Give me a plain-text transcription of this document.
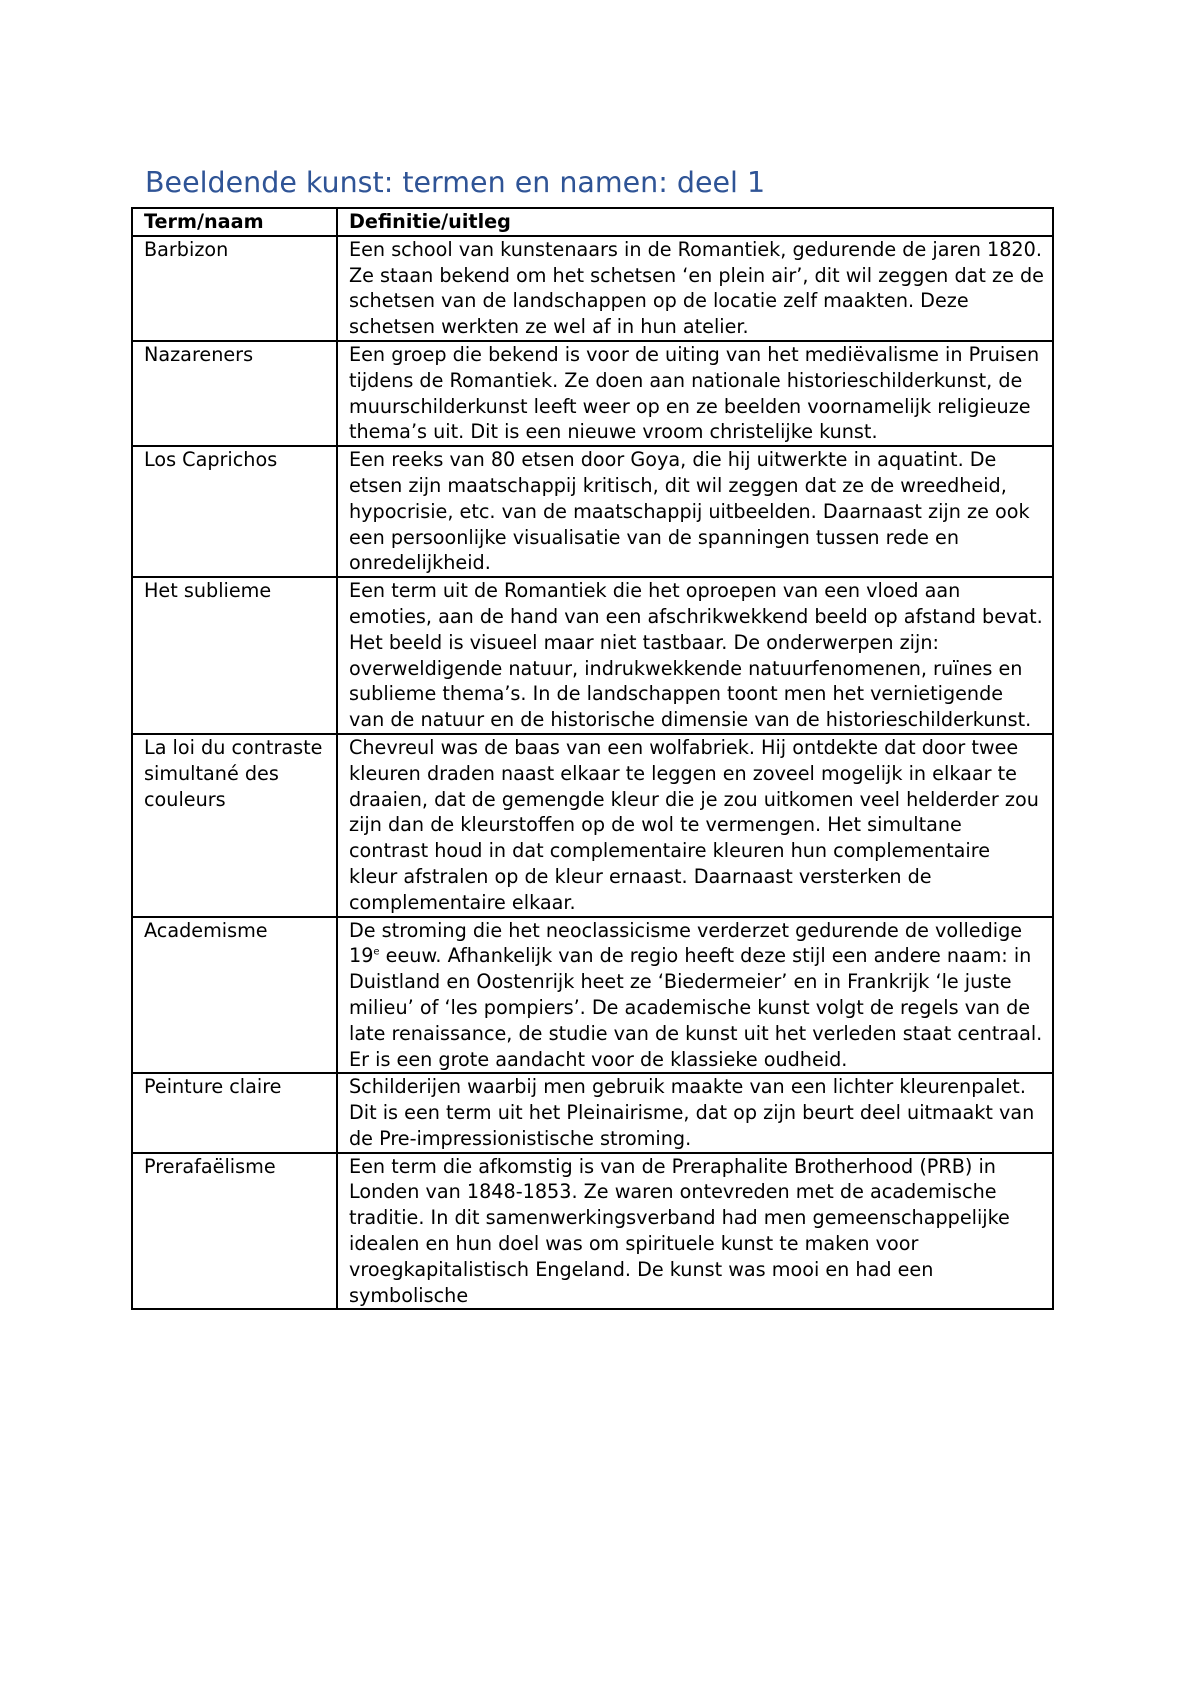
Beeldende kunst: termen en namen: deel 1
Term/naam	Definitie/uitleg
Barbizon	Een school van kunstenaars in de Romantiek, gedurende de jaren 1820. Ze staan bekend om het schetsen ‘en plein air’, dit wil zeggen dat ze de schetsen van de landschappen op de locatie zelf maakten. Deze schetsen werkten ze wel af in hun atelier.
Nazareners	Een groep die bekend is voor de uiting van het mediëvalisme in Pruisen tijdens de Romantiek. Ze doen aan nationale historieschilderkunst, de muurschilderkunst leeft weer op en ze beelden voornamelijk religieuze thema’s uit. Dit is een nieuwe vroom christelijke kunst.
Los Caprichos	Een reeks van 80 etsen door Goya, die hij uitwerkte in aquatint. De etsen zijn maatschappij kritisch, dit wil zeggen dat ze de wreedheid, hypocrisie, etc. van de maatschappij uitbeelden. Daarnaast zijn ze ook een persoonlijke visualisatie van de spanningen tussen rede en onredelijkheid.
Het sublieme	Een term uit de Romantiek die het oproepen van een vloed aan emoties, aan de hand van een afschrikwekkend beeld op afstand bevat. Het beeld is visueel maar niet tastbaar. De onderwerpen zijn: overweldigende natuur, indrukwekkende natuurfenomenen, ruïnes en sublieme thema’s. In de landschappen toont men het vernietigende van de natuur en de historische dimensie van de historieschilderkunst.
La loi du contraste simultané des couleurs	Chevreul was de baas van een wolfabriek. Hij ontdekte dat door twee kleuren draden naast elkaar te leggen en zoveel mogelijk in elkaar te draaien, dat de gemengde kleur die je zou uitkomen veel helderder zou zijn dan de kleurstoffen op de wol te vermengen. Het simultane contrast houd in dat complementaire kleuren hun complementaire kleur afstralen op de kleur ernaast. Daarnaast versterken de complementaire elkaar.
Academisme	De stroming die het neoclassicisme verderzet gedurende de volledige 19e eeuw. Afhankelijk van de regio heeft deze stijl een andere naam: in Duistland en Oostenrijk heet ze ‘Biedermeier’ en in Frankrijk ‘le juste milieu’ of ‘les pompiers’. De academische kunst volgt de regels van de late renaissance, de studie van de kunst uit het verleden staat centraal. Er is een grote aandacht voor de klassieke oudheid.
Peinture claire	Schilderijen waarbij men gebruik maakte van een lichter kleurenpalet. Dit is een term uit het Pleinairisme, dat op zijn beurt deel uitmaakt van de Pre-impressionistische stroming.
Prerafaëlisme	Een term die afkomstig is van de Preraphalite Brotherhood (PRB) in Londen van 1848-1853. Ze waren ontevreden met de academische traditie. In dit samenwerkingsverband had men gemeenschappelijke idealen en hun doel was om spirituele kunst te maken voor vroegkapitalistisch Engeland. De kunst was mooi en had een symbolische
